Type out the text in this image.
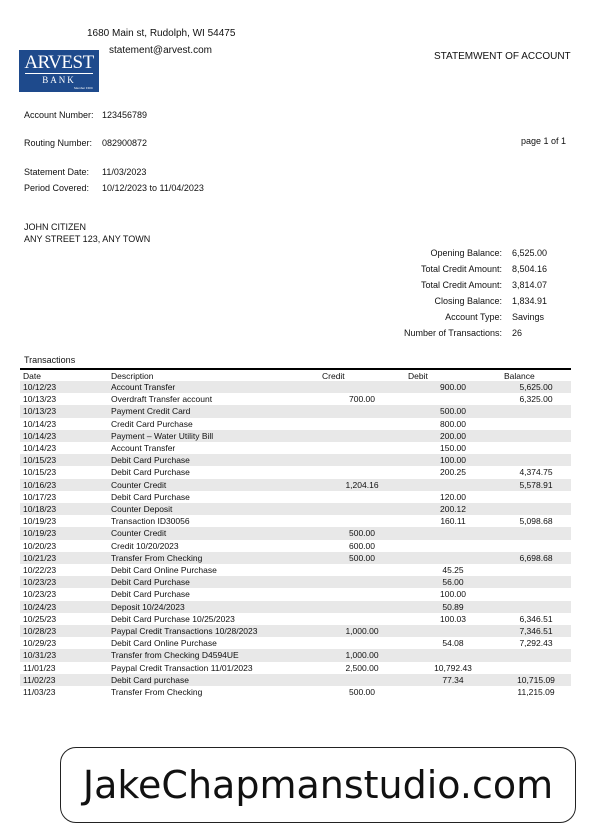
1680 Main st, Rudolph, WI 54475
ARVEST
BANK
Member FDIC
statement@arvest.com
STATEMWENT OF ACCOUNT
Account Number: 123456789
Routing Number: 082900872
Statement Date: 11/03/2023
Period Covered: 10/12/2023 to 11/04/2023
page 1 of 1
JOHN CITIZEN
ANY STREET 123, ANY TOWN
Opening Balance: 6,525.00
Total Credit Amount: 8,504.16
Total Credit Amount: 3,814.07
Closing Balance: 1,834.91
Account Type: Savings
Number of Transactions: 26
Transactions
Date	Description	Credit	Debit	Balance
10/12/23	Account Transfer		900.00	5,625.00
10/13/23	Overdraft Transfer account	700.00		6,325.00
10/13/23	Payment Credit Card		500.00	
10/14/23	Credit Card Purchase		800.00	
10/14/23	Payment – Water Utility Bill		200.00	
10/14/23	Account Transfer		150.00	
10/15/23	Debit Card Purchase		100.00	
10/15/23	Debit Card Purchase		200.25	4,374.75
10/16/23	Counter Credit	1,204.16		5,578.91
10/17/23	Debit Card Purchase		120.00	
10/18/23	Counter Deposit		200.12	
10/19/23	Transaction ID30056		160.11	5,098.68
10/19/23	Counter Credit	500.00		
10/20/23	Credit 10/20/2023	600.00		
10/21/23	Transfer From Checking	500.00		6,698.68
10/22/23	Debit Card Online Purchase		45.25	
10/23/23	Debit Card Purchase		56.00	
10/23/23	Debit Card Purchase		100.00	
10/24/23	Deposit 10/24/2023		50.89	
10/25/23	Debit Card Purchase 10/25/2023		100.03	6,346.51
10/28/23	Paypal Credit Transactions 10/28/2023	1,000.00		7,346.51
10/29/23	Debit Card Online Purchase		54.08	7,292.43
10/31/23	Transfer from Checking D4594UE	1,000.00		
11/01/23	Paypal Credit Transaction 11/01/2023	2,500.00	10,792.43	
11/02/23	Debit Card purchase		77.34	10,715.09
11/03/23	Transfer From Checking	500.00		11,215.09
JakeChapmanstudio.com
